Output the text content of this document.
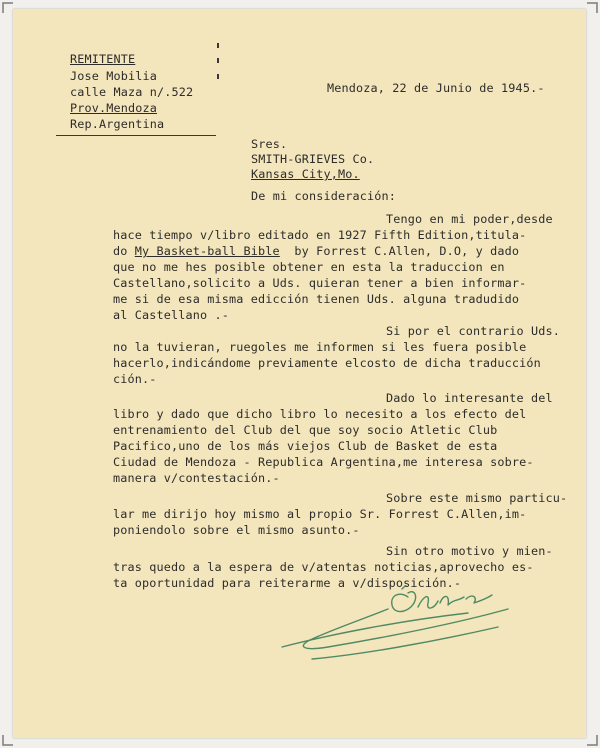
REMITENTE
Jose Mobilia
calle Maza n/.522
Prov.Mendoza
Rep.Argentina
Mendoza, 22 de Junio de 1945.-
Sres.
SMITH-GRIEVES Co.
Kansas City,Mo.
De mi consideración:
Tengo en mi poder,desde
hace tiempo v/libro editado en 1927 Fifth Edition,titula-
do My Basket-ball Bible  by Forrest C.Allen, D.O, y dado
que no me hes posible obtener en esta la traduccion en
Castellano,solicito a Uds. quieran tener a bien informar-
me si de esa misma edicción tienen Uds. alguna tradudido
al Castellano .-
Si por el contrario Uds.
no la tuvieran, ruegoles me informen si les fuera posible
hacerlo,indicándome previamente elcosto de dicha traducción
ción.-
Dado lo interesante del
libro y dado que dicho libro lo necesito a los efecto del
entrenamiento del Club del que soy socio Atletic Club
Pacifico,uno de los más viejos Club de Basket de esta
Ciudad de Mendoza - Republica Argentina,me interesa sobre-
manera v/contestación.-
Sobre este mismo particu-
lar me dirijo hoy mismo al propio Sr. Forrest C.Allen,im-
poniendolo sobre el mismo asunto.-
Sin otro motivo y mien-
tras quedo a la espera de v/atentas noticias,aprovecho es-
ta oportunidad para reiterarme a v/disposición.-
